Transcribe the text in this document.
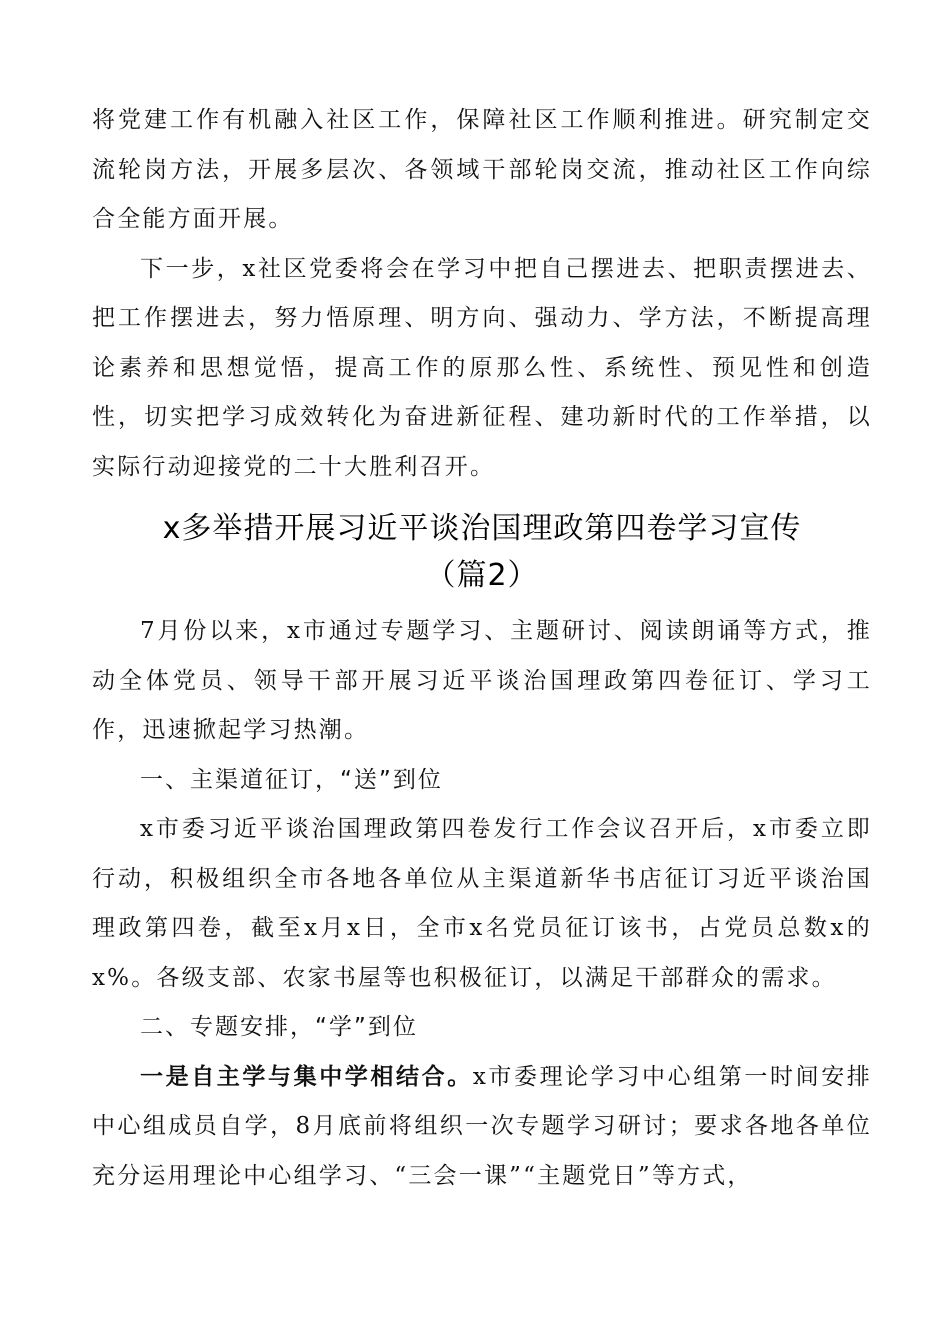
将党建工作有机融入社区工作，保障社区工作顺利推进。研究制定交流轮岗方法，开展多层次、各领域干部轮岗交流，推动社区工作向综合全能方面开展。

下一步，x社区党委将会在学习中把自己摆进去、把职责摆进去、把工作摆进去，努力悟原理、明方向、强动力、学方法，不断提高理论素养和思想觉悟，提高工作的原那么性、系统性、预见性和创造性，切实把学习成效转化为奋进新征程、建功新时代的工作举措，以实际行动迎接党的二十大胜利召开。

x多举措开展习近平谈治国理政第四卷学习宣传

（篇2）

7月份以来，x市通过专题学习、主题研讨、阅读朗诵等方式，推动全体党员、领导干部开展习近平谈治国理政第四卷征订、学习工作，迅速掀起学习热潮。

一、主渠道征订，“送”到位

x市委习近平谈治国理政第四卷发行工作会议召开后，x市委立即行动，积极组织全市各地各单位从主渠道新华书店征订习近平谈治国理政第四卷，截至x月x日，全市x名党员征订该书，占党员总数x的x%。各级支部、农家书屋等也积极征订，以满足干部群众的需求。

二、专题安排，“学”到位

一是自主学与集中学相结合。x市委理论学习中心组第一时间安排中心组成员自学，8月底前将组织一次专题学习研讨；要求各地各单位充分运用理论中心组学习、“三会一课”“主题党日”等方式，
